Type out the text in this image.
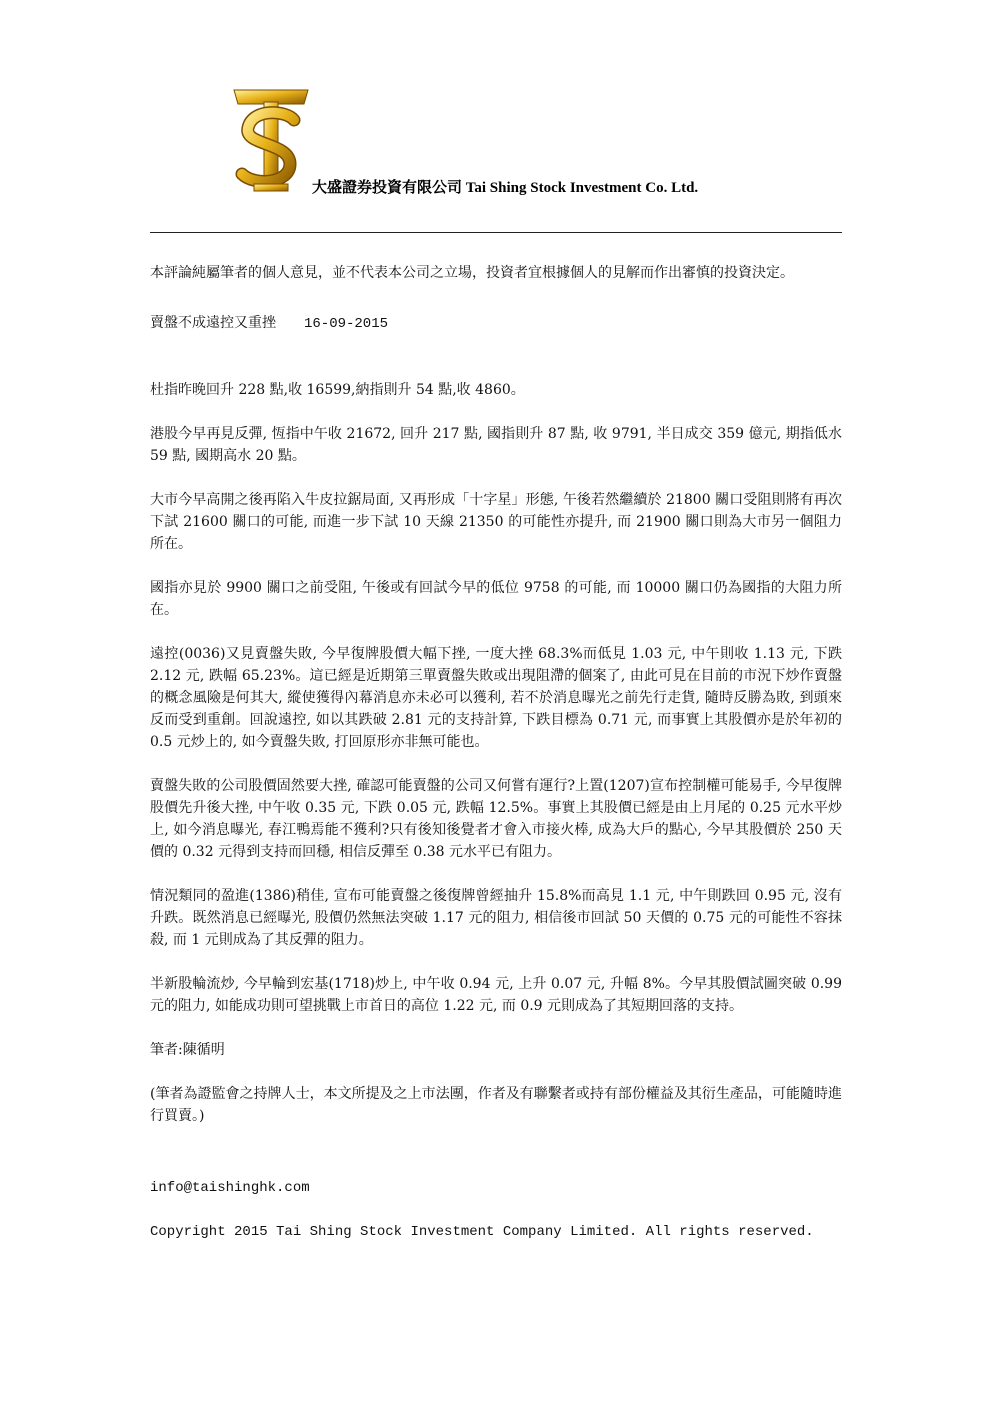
大盛證券投資有限公司 Tai Shing Stock Investment Co. Ltd.

本評論純屬筆者的個人意見，並不代表本公司之立場，投資者宜根據個人的見解而作出審慎的投資決定。

賣盤不成遠控又重挫 16-09-2015

杜指昨晚回升 228 點,收 16599,納指則升 54 點,收 4860。

港股今早再見反彈, 恆指中午收 21672, 回升 217 點, 國指則升 87 點, 收 9791, 半日成交 359 億元, 期指低水 59 點, 國期高水 20 點。

大市今早高開之後再陷入牛皮拉鋸局面, 又再形成「十字星」形態, 午後若然繼續於 21800 關口受阻則將有再次下試 21600 關口的可能, 而進一步下試 10 天線 21350 的可能性亦提升, 而 21900 關口則為大市另一個阻力所在。

國指亦見於 9900 關口之前受阻, 午後或有回試今早的低位 9758 的可能, 而 10000 關口仍為國指的大阻力所在。

遠控(0036)又見賣盤失敗, 今早復牌股價大幅下挫, 一度大挫 68.3%而低見 1.03 元, 中午則收 1.13 元, 下跌 2.12 元, 跌幅 65.23%。這已經是近期第三單賣盤失敗或出現阻滯的個案了, 由此可見在目前的市況下炒作賣盤的概念風險是何其大, 縱使獲得內幕消息亦未必可以獲利, 若不於消息曝光之前先行走貨, 隨時反勝為敗, 到頭來反而受到重創。回說遠控, 如以其跌破 2.81 元的支持計算, 下跌目標為 0.71 元, 而事實上其股價亦是於年初的 0.5 元炒上的, 如今賣盤失敗, 打回原形亦非無可能也。

賣盤失敗的公司股價固然要大挫, 確認可能賣盤的公司又何嘗有運行?上置(1207)宣布控制權可能易手, 今早復牌股價先升後大挫, 中午收 0.35 元, 下跌 0.05 元, 跌幅 12.5%。事實上其股價已經是由上月尾的 0.25 元水平炒上, 如今消息曝光, 春江鴨焉能不獲利?只有後知後覺者才會入市接火棒, 成為大戶的點心, 今早其股價於 250 天價的 0.32 元得到支持而回穩, 相信反彈至 0.38 元水平已有阻力。

情況類同的盈進(1386)稍佳, 宣布可能賣盤之後復牌曾經抽升 15.8%而高見 1.1 元, 中午則跌回 0.95 元, 沒有升跌。既然消息已經曝光, 股價仍然無法突破 1.17 元的阻力, 相信後市回試 50 天價的 0.75 元的可能性不容抹殺, 而 1 元則成為了其反彈的阻力。

半新股輪流炒, 今早輪到宏基(1718)炒上, 中午收 0.94 元, 上升 0.07 元, 升幅 8%。今早其股價試圖突破 0.99 元的阻力, 如能成功則可望挑戰上市首日的高位 1.22 元, 而 0.9 元則成為了其短期回落的支持。

筆者:陳循明

(筆者為證監會之持牌人士，本文所提及之上市法團，作者及有聯繫者或持有部份權益及其衍生產品，可能隨時進行買賣。)

info@taishinghk.com

Copyright 2015 Tai Shing Stock Investment Company Limited. All rights reserved.
